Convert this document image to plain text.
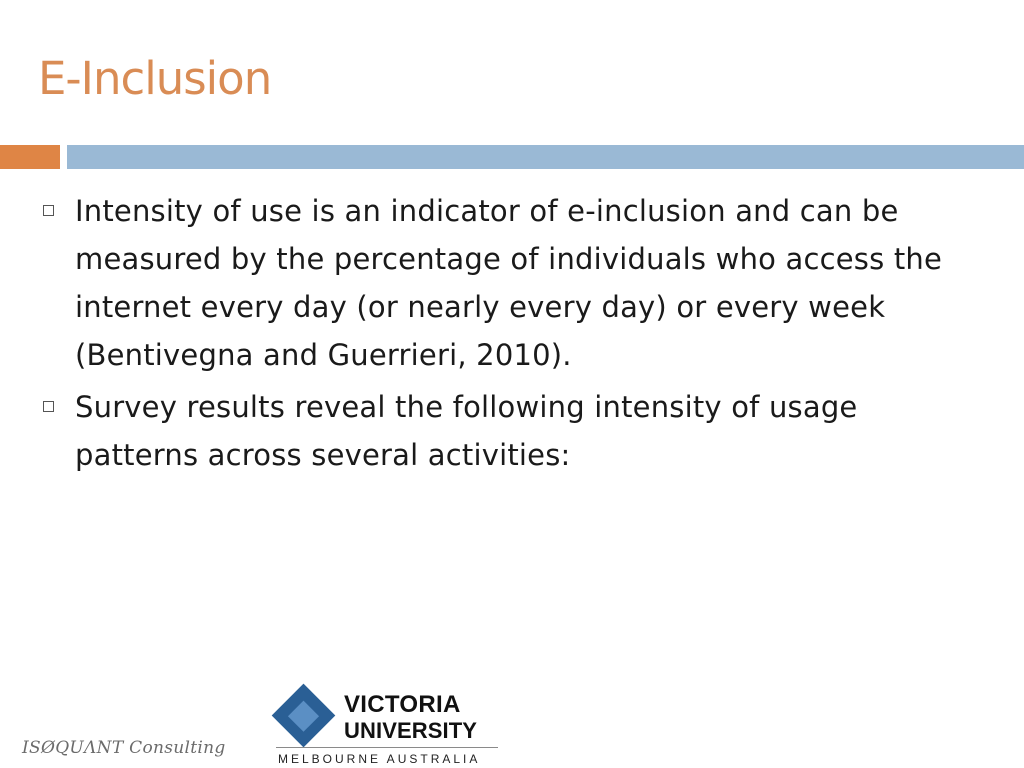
E-Inclusion
Intensity of use is an indicator of e-inclusion and can be measured by the percentage of individuals who access the internet every day (or nearly every day) or every week (Bentivegna and Guerrieri, 2010).
Survey results reveal the following intensity of usage patterns across several activities:
ISØQUΛNT Consulting
VICTORIA
UNIVERSITY
MELBOURNE AUSTRALIA
